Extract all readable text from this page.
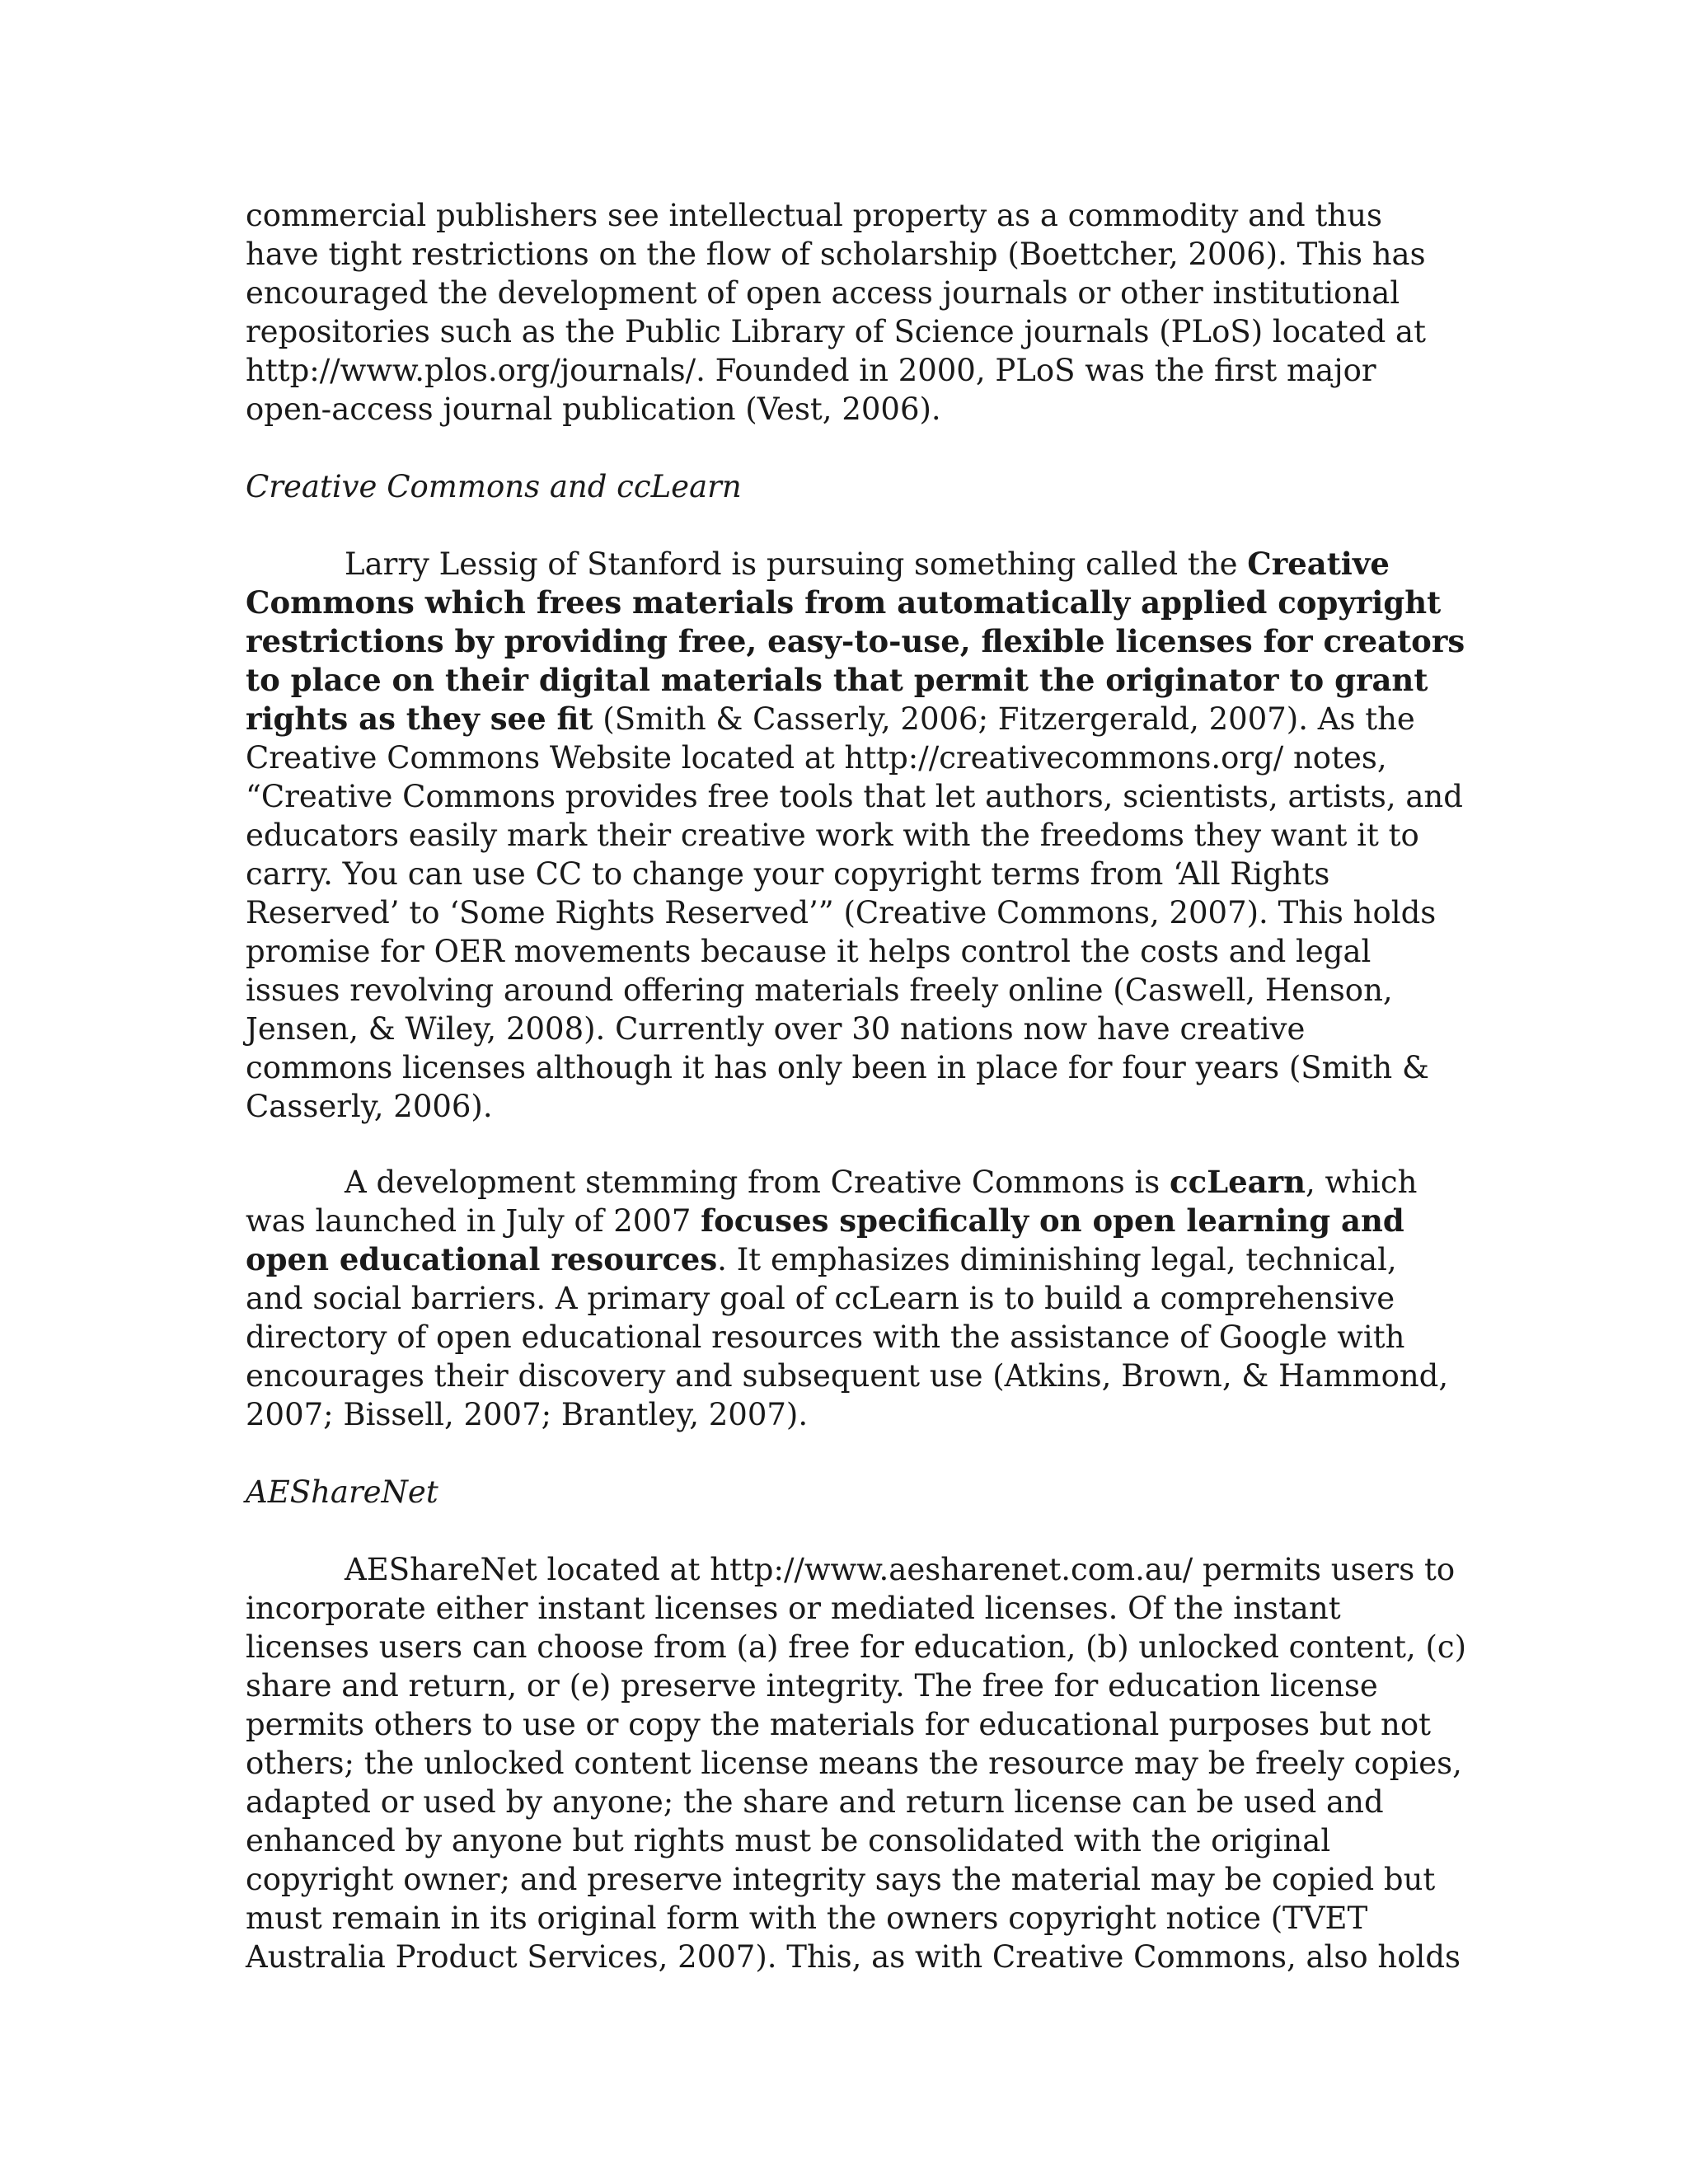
commercial publishers see intellectual property as a commodity and thus
have tight restrictions on the flow of scholarship (Boettcher, 2006). This has
encouraged the development of open access journals or other institutional
repositories such as the Public Library of Science journals (PLoS) located at
http://www.plos.org/journals/. Founded in 2000, PLoS was the first major
open-access journal publication (Vest, 2006).
Creative Commons and ccLearn
Larry Lessig of Stanford is pursuing something called the Creative
Commons which frees materials from automatically applied copyright
restrictions by providing free, easy-to-use, flexible licenses for creators
to place on their digital materials that permit the originator to grant
rights as they see fit (Smith & Casserly, 2006; Fitzergerald, 2007). As the
Creative Commons Website located at http://creativecommons.org/ notes,
“Creative Commons provides free tools that let authors, scientists, artists, and
educators easily mark their creative work with the freedoms they want it to
carry. You can use CC to change your copyright terms from ‘All Rights
Reserved’ to ‘Some Rights Reserved’” (Creative Commons, 2007). This holds
promise for OER movements because it helps control the costs and legal
issues revolving around offering materials freely online (Caswell, Henson,
Jensen, & Wiley, 2008). Currently over 30 nations now have creative
commons licenses although it has only been in place for four years (Smith &
Casserly, 2006).
A development stemming from Creative Commons is ccLearn, which
was launched in July of 2007 focuses specifically on open learning and
open educational resources. It emphasizes diminishing legal, technical,
and social barriers. A primary goal of ccLearn is to build a comprehensive
directory of open educational resources with the assistance of Google with
encourages their discovery and subsequent use (Atkins, Brown, & Hammond,
2007; Bissell, 2007; Brantley, 2007).
AEShareNet
AEShareNet located at http://www.aesharenet.com.au/ permits users to
incorporate either instant licenses or mediated licenses. Of the instant
licenses users can choose from (a) free for education, (b) unlocked content, (c)
share and return, or (e) preserve integrity. The free for education license
permits others to use or copy the materials for educational purposes but not
others; the unlocked content license means the resource may be freely copies,
adapted or used by anyone; the share and return license can be used and
enhanced by anyone but rights must be consolidated with the original
copyright owner; and preserve integrity says the material may be copied but
must remain in its original form with the owners copyright notice (TVET
Australia Product Services, 2007). This, as with Creative Commons, also holds
